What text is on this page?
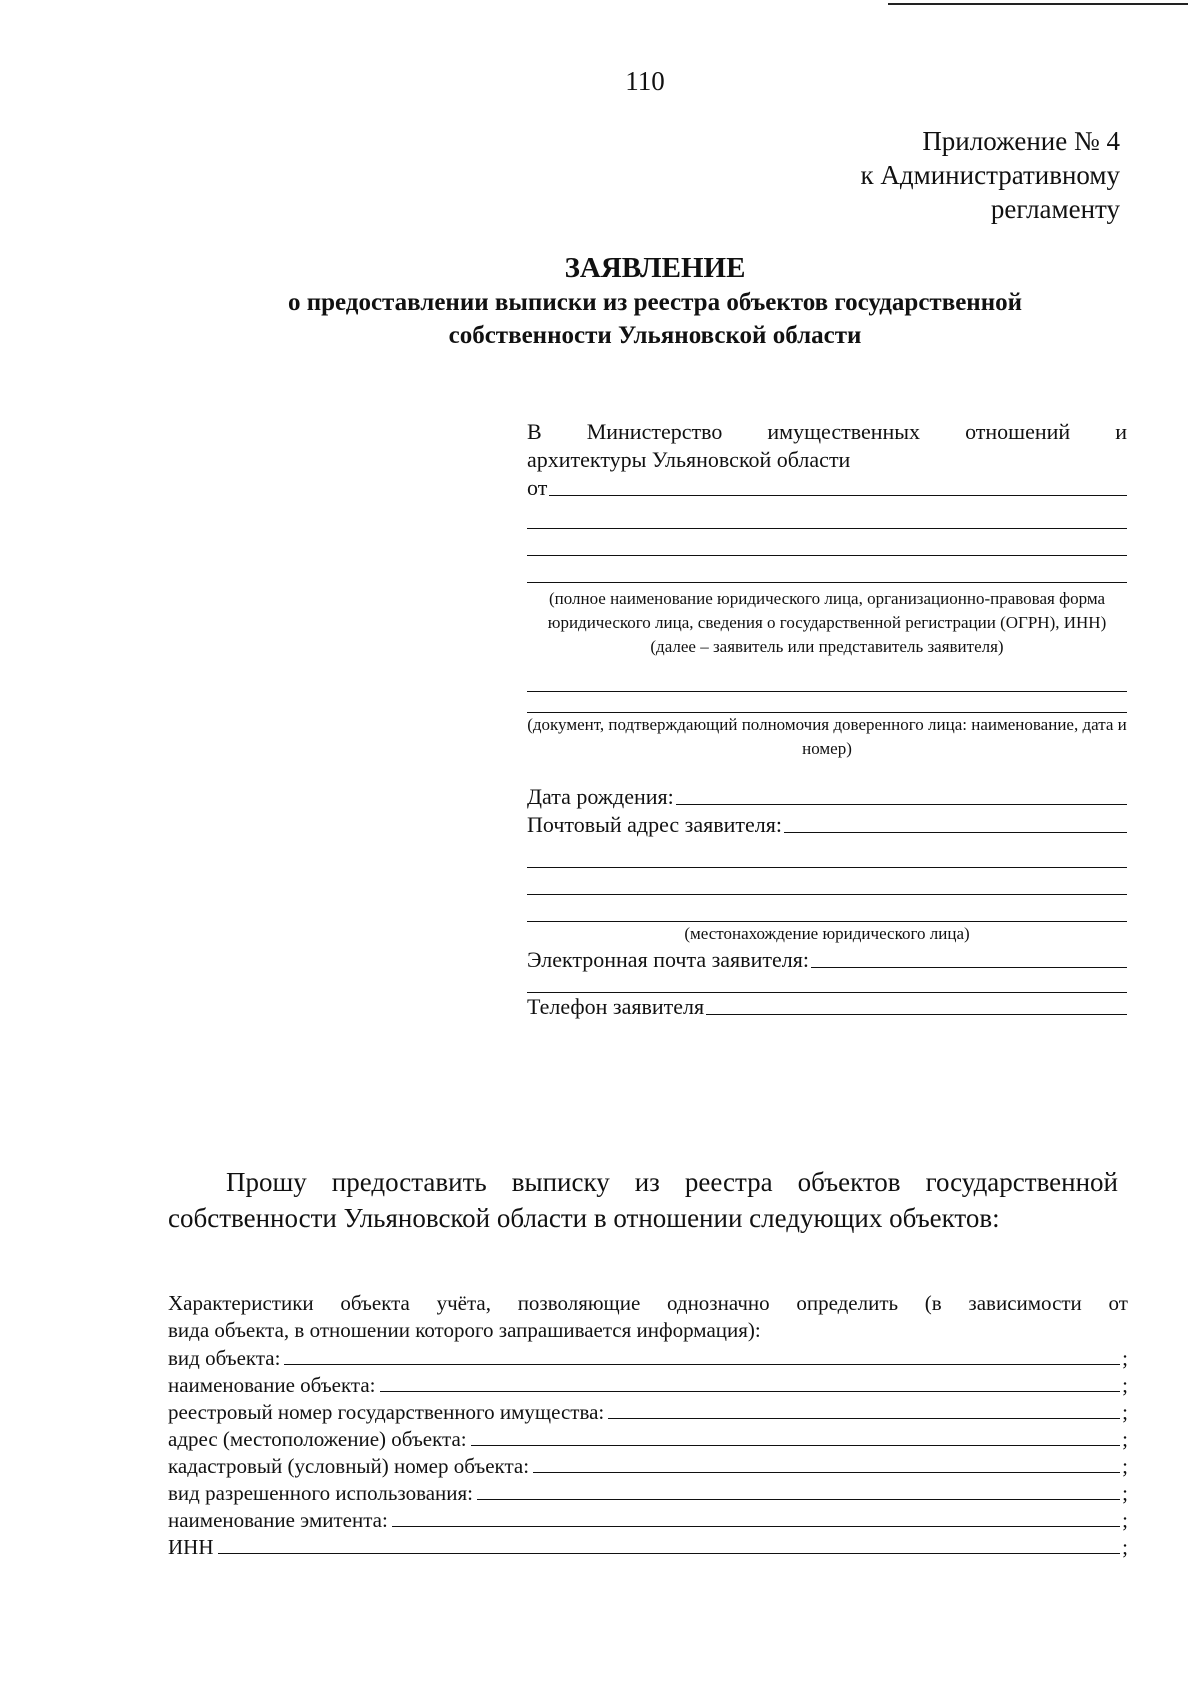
110
Приложение № 4
к Административному
регламенту
ЗАЯВЛЕНИЕ
о предоставлении выписки из реестра объектов государственной
собственности Ульяновской области
В Министерство имущественных отношений и
архитектуры Ульяновской области
от
(полное наименование юридического лица, организационно-правовая форма юридического лица, сведения о государственной регистрации (ОГРН), ИНН) (далее – заявитель или представитель заявителя)
(документ, подтверждающий полномочия доверенного лица: наименование, дата и номер)
Дата рождения:
Почтовый адрес заявителя:
(местонахождение юридического лица)
Электронная почта заявителя:
Телефон заявителя
Прошу предоставить выписку из реестра объектов государственной
собственности Ульяновской области в отношении следующих объектов:
Характеристики объекта учёта, позволяющие однозначно определить (в зависимости от
вида объекта, в отношении которого запрашивается информация):
вид объекта:	;
наименование объекта:	;
реестровый номер государственного имущества:	;
адрес (местоположение) объекта:	;
кадастровый (условный) номер объекта:	;
вид разрешенного использования:	;
наименование эмитента:	;
ИНН	;
